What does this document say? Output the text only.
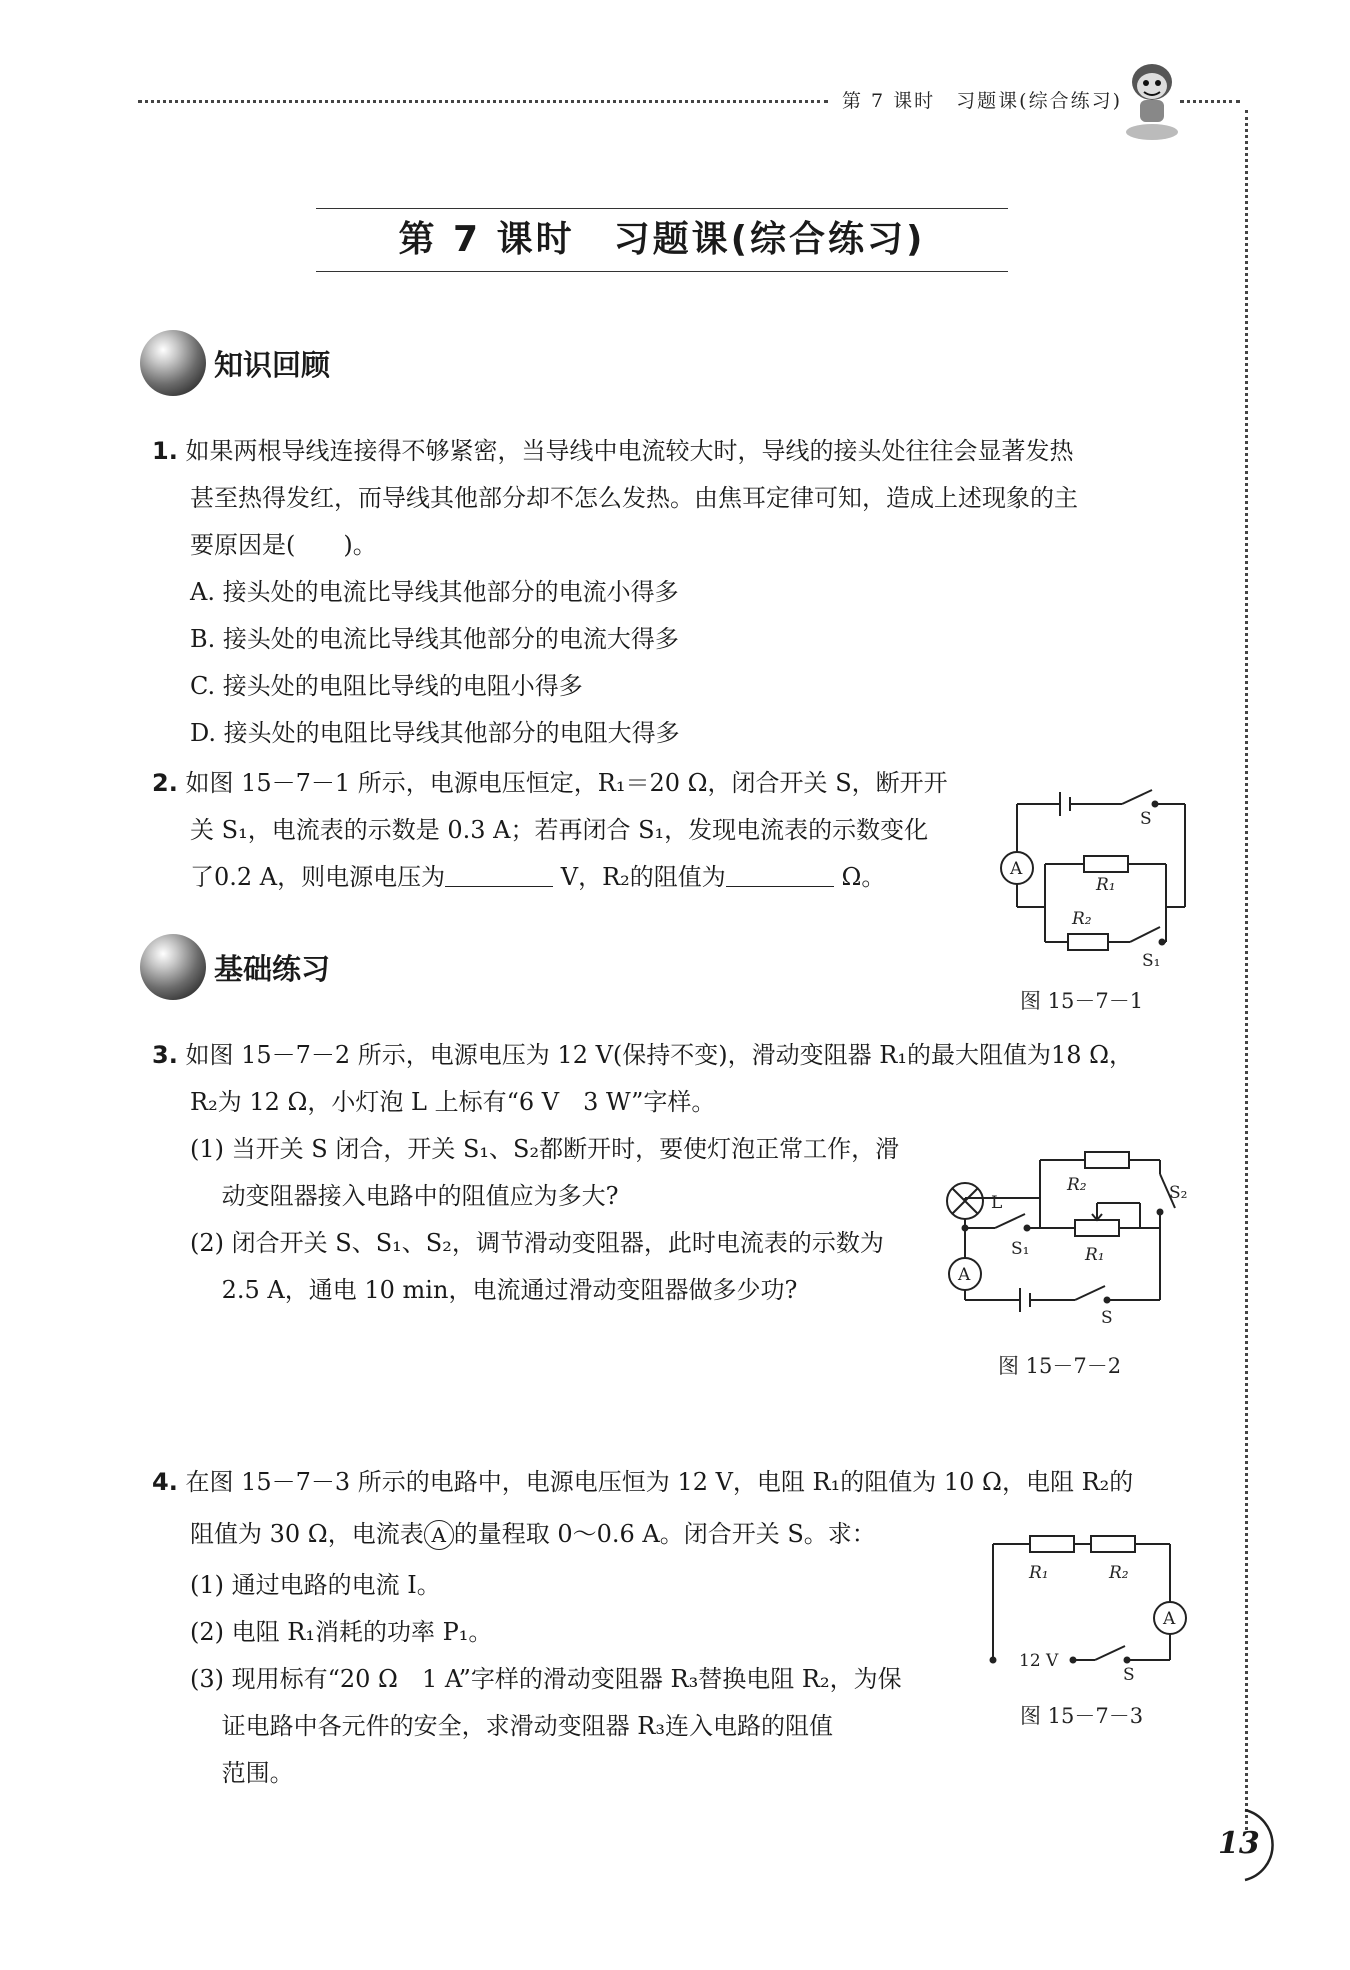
第 7 课时　习题课(综合练习)
第 7 课时　习题课(综合练习)
知识回顾
1. 如果两根导线连接得不够紧密，当导线中电流较大时，导线的接头处往往会显著发热
甚至热得发红，而导线其他部分却不怎么发热。由焦耳定律可知，造成上述现象的主
要原因是(　　)。
A. 接头处的电流比导线其他部分的电流小得多
B. 接头处的电流比导线其他部分的电流大得多
C. 接头处的电阻比导线的电阻小得多
D. 接头处的电阻比导线其他部分的电阻大得多
2. 如图 15－7－1 所示，电源电压恒定，R₁＝20 Ω，闭合开关 S，断开开
关 S₁，电流表的示数是 0.3 A；若再闭合 S₁，发现电流表的示数变化
了0.2 A，则电源电压为	V，R₂的阻值为	Ω。	A
S
R₁
R₂
S₁
图 15－7－1
基础练习
3. 如图 15－7－2 所示，电源电压为 12 V(保持不变)，滑动变阻器 R₁的最大阻值为18 Ω，
R₂为 12 Ω，小灯泡 L 上标有“6 V　3 W”字样。
(1) 当开关 S 闭合，开关 S₁、S₂都断开时，要使灯泡正常工作，滑
　 动变阻器接入电路中的阻值应为多大?
(2) 闭合开关 S、S₁、S₂，调节滑动变阻器，此时电流表的示数为
　 2.5 A，通电 10 min，电流通过滑动变阻器做多少功?
L
A
R₂	S₂
S₁	R₁
S
图 15－7－2
4. 在图 15－7－3 所示的电路中，电源电压恒为 12 V，电阻 R₁的阻值为 10 Ω，电阻 R₂的
阻值为 30 Ω，电流表 A 的量程取 0～0.6 A。闭合开关 S。求：
(1) 通过电路的电流 I。
(2) 电阻 R₁消耗的功率 P₁。
(3) 现用标有“20 Ω　1 A”字样的滑动变阻器 R₃替换电阻 R₂，为保
　 证电路中各元件的安全，求滑动变阻器 R₃连入电路的阻值
　 范围。
R₁	R₂
A
12 V
S
图 15－7－3
13
